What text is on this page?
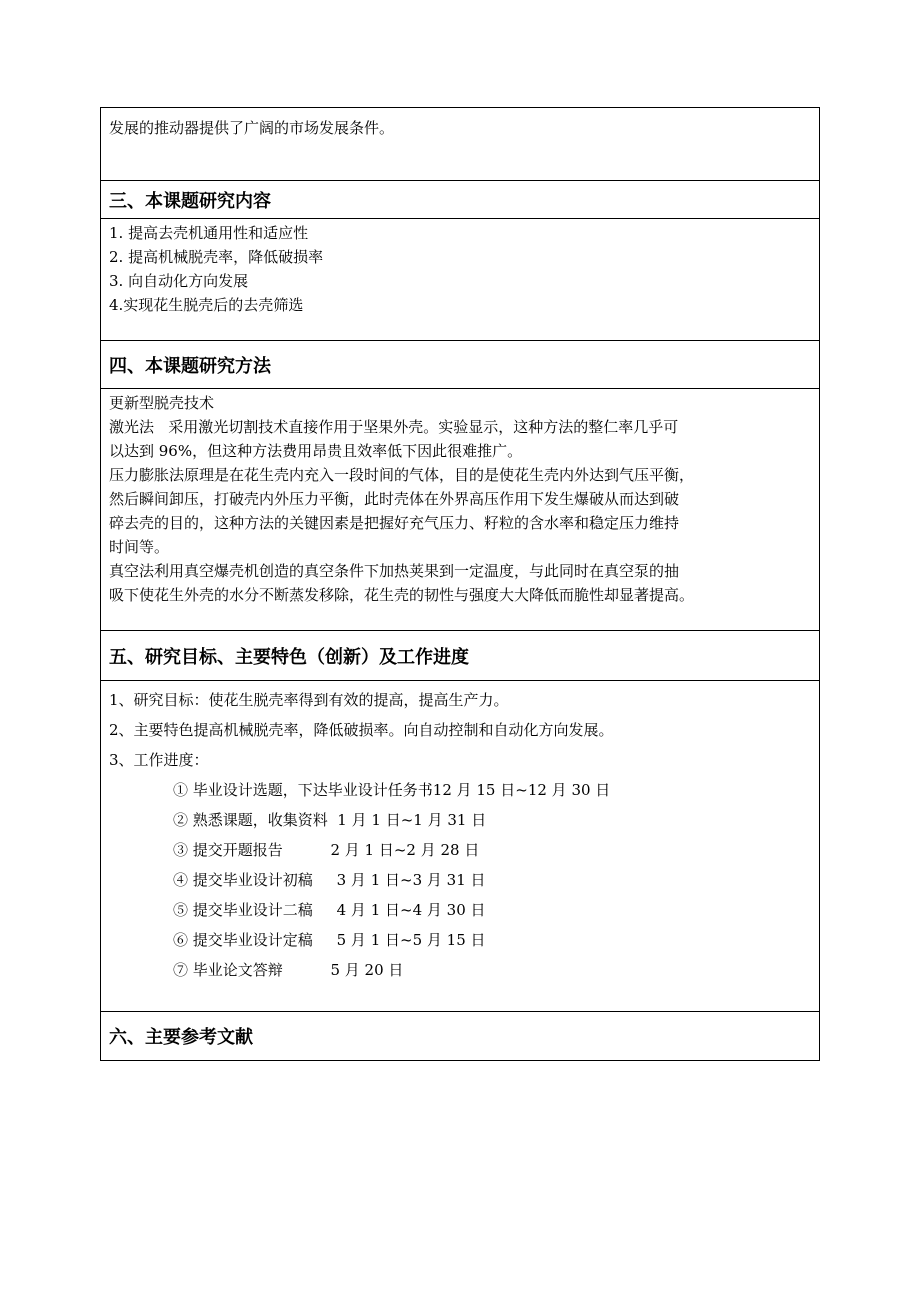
发展的推动器提供了广阔的市场发展条件。

三、本课题研究内容

1. 提高去壳机通用性和适应性

2. 提高机械脱壳率，降低破损率

3. 向自动化方向发展

4.实现花生脱壳后的去壳筛选

四、本课题研究方法

更新型脱壳技术

激光法   采用激光切割技术直接作用于坚果外壳。实验显示，这种方法的整仁率几乎可

以达到 96%，但这种方法费用昂贵且效率低下因此很难推广。

压力膨胀法原理是在花生壳内充入一段时间的气体，目的是使花生壳内外达到气压平衡，

然后瞬间卸压，打破壳内外压力平衡，此时壳体在外界高压作用下发生爆破从而达到破

碎去壳的目的，这种方法的关键因素是把握好充气压力、籽粒的含水率和稳定压力维持

时间等。

真空法利用真空爆壳机创造的真空条件下加热荚果到一定温度，与此同时在真空泵的抽

吸下使花生外壳的水分不断蒸发移除，花生壳的韧性与强度大大降低而脆性却显著提高。

五、研究目标、主要特色（创新）及工作进度

1、研究目标：使花生脱壳率得到有效的提高，提高生产力。

2、主要特色提高机械脱壳率，降低破损率。向自动控制和自动化方向发展。

3、工作进度：

① 毕业设计选题，下达毕业设计任务书12 月 15 日~12 月 30 日

② 熟悉课题，收集资料  1 月 1 日~1 月 31 日

③ 提交开题报告          2 月 1 日~2 月 28 日

④ 提交毕业设计初稿     3 月 1 日~3 月 31 日

⑤ 提交毕业设计二稿     4 月 1 日~4 月 30 日

⑥ 提交毕业设计定稿     5 月 1 日~5 月 15 日

⑦ 毕业论文答辩          5 月 20 日

六、主要参考文献
